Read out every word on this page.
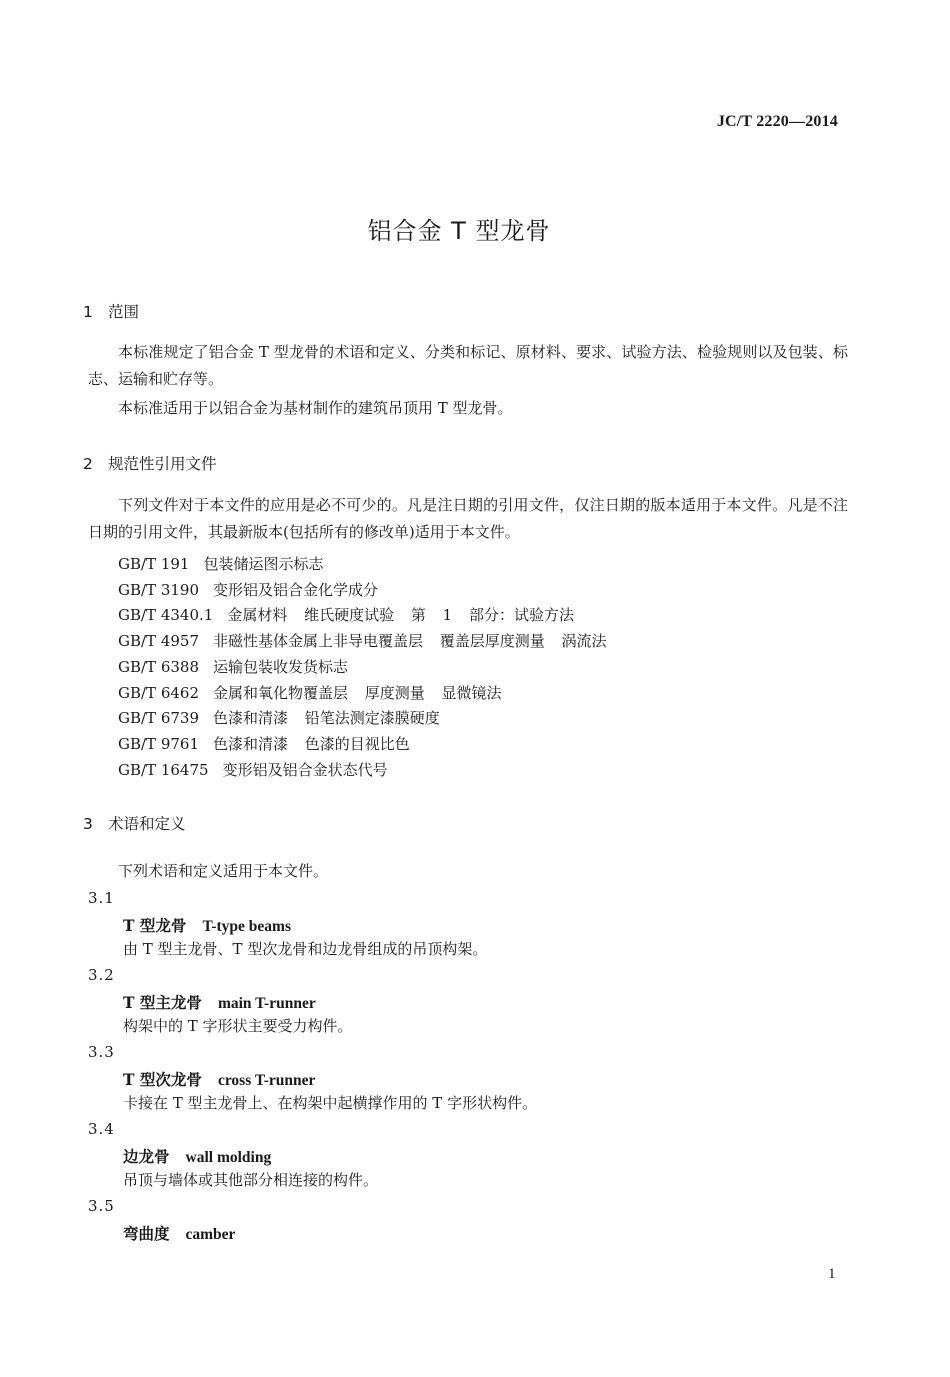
JC/T 2220—2014
铝合金 T 型龙骨
1 范围
本标准规定了铝合金 T 型龙骨的术语和定义、分类和标记、原材料、要求、试验方法、检验规则以及包装、标志、运输和贮存等。
本标准适用于以铝合金为基材制作的建筑吊顶用 T 型龙骨。
2 规范性引用文件
下列文件对于本文件的应用是必不可少的。凡是注日期的引用文件，仅注日期的版本适用于本文件。凡是不注日期的引用文件，其最新版本(包括所有的修改单)适用于本文件。
GB/T 191 包装储运图示标志
GB/T 3190 变形铝及铝合金化学成分
GB/T 4340.1 金属材料 维氏硬度试验 第 1 部分：试验方法
GB/T 4957 非磁性基体金属上非导电覆盖层 覆盖层厚度测量 涡流法
GB/T 6388 运输包装收发货标志
GB/T 6462 金属和氧化物覆盖层 厚度测量 显微镜法
GB/T 6739 色漆和清漆 铅笔法测定漆膜硬度
GB/T 9761 色漆和清漆 色漆的目视比色
GB/T 16475 变形铝及铝合金状态代号
3 术语和定义
下列术语和定义适用于本文件。
3.1
T 型龙骨 T-type beams
由 T 型主龙骨、T 型次龙骨和边龙骨组成的吊顶构架。
3.2
T 型主龙骨 main T-runner
构架中的 T 字形状主要受力构件。
3.3
T 型次龙骨 cross T-runner
卡接在 T 型主龙骨上、在构架中起横撑作用的 T 字形状构件。
3.4
边龙骨 wall molding
吊顶与墙体或其他部分相连接的构件。
3.5
弯曲度 camber
1
